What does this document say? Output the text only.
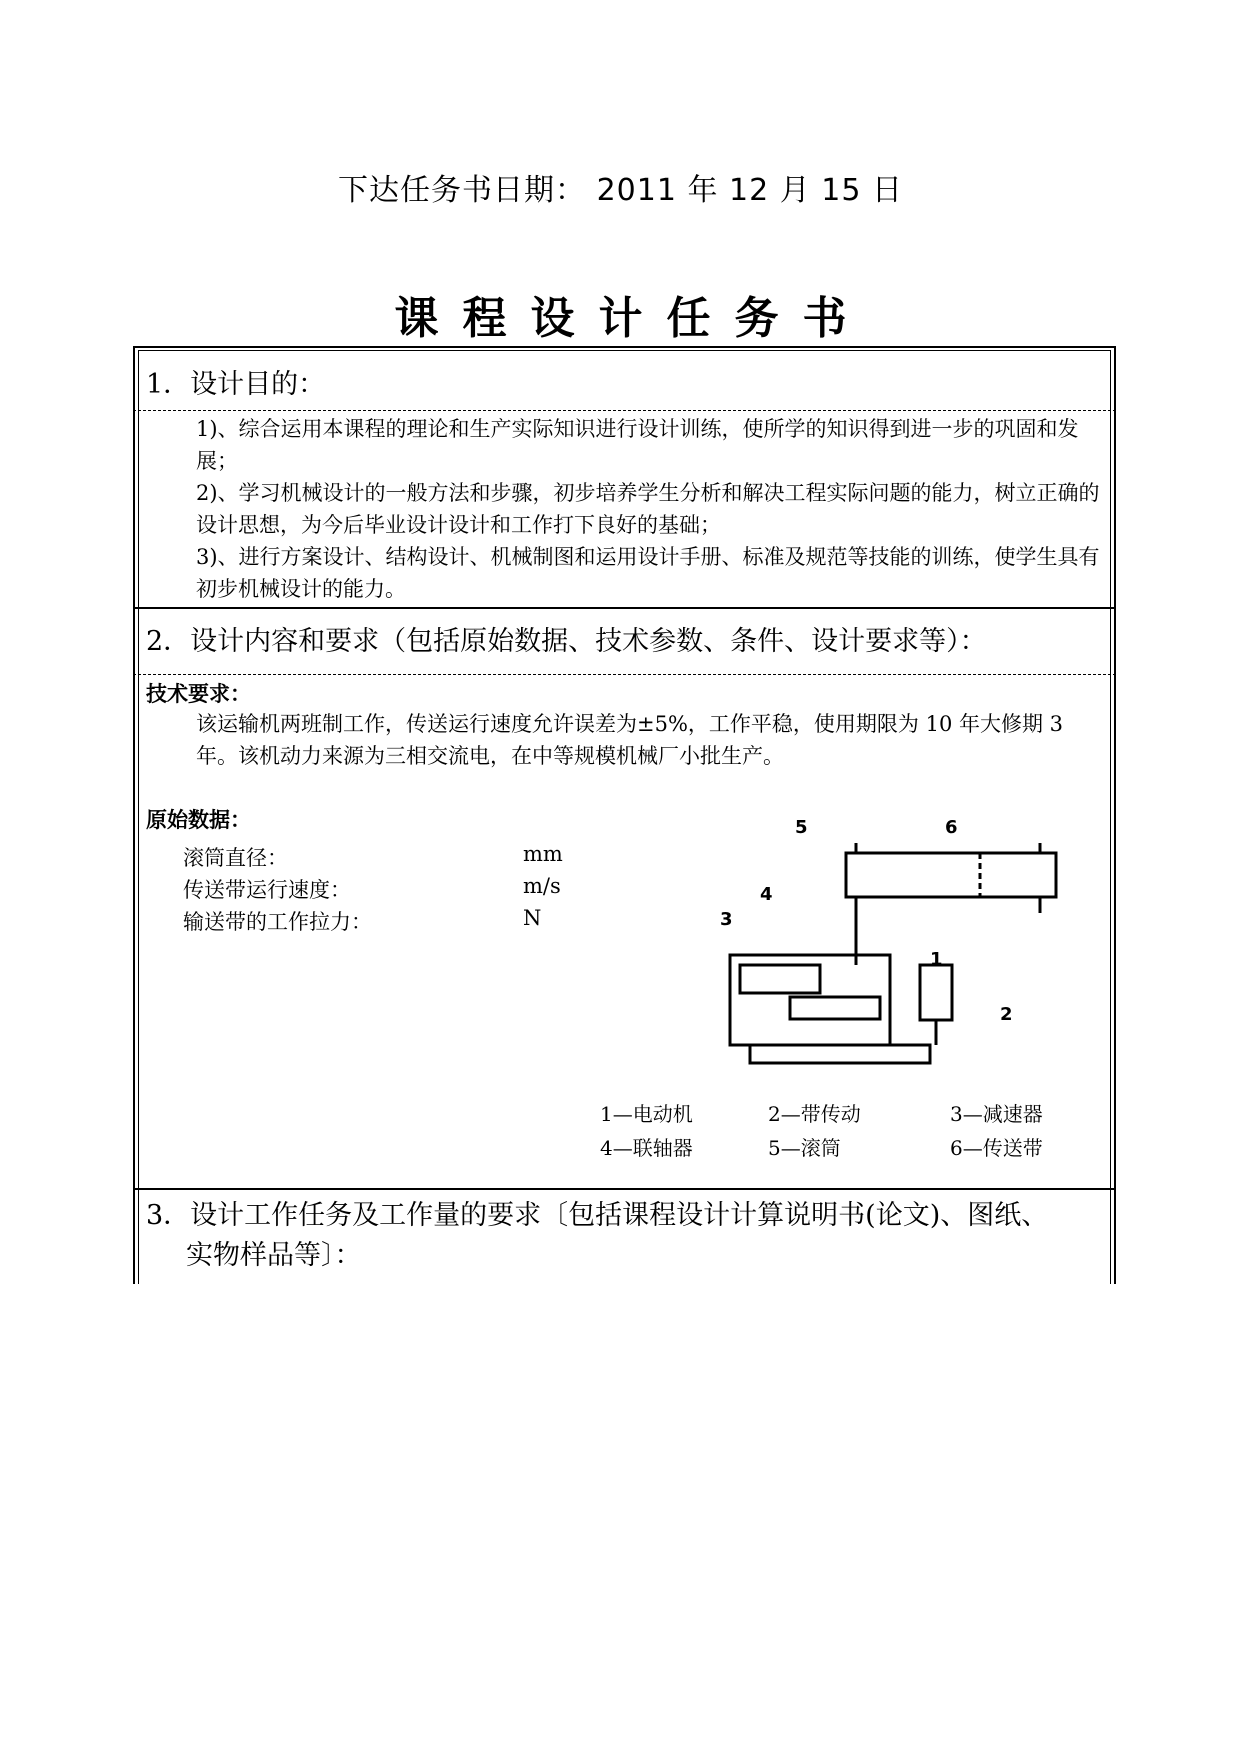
下达任务书日期： 2011 年 12 月 15 日
课程设计任务书
1．设计目的：
1)、综合运用本课程的理论和生产实际知识进行设计训练，使所学的知识得到进一步的巩固和发展；
2)、学习机械设计的一般方法和步骤，初步培养学生分析和解决工程实际问题的能力，树立正确的设计思想，为今后毕业设计设计和工作打下良好的基础；
3)、进行方案设计、结构设计、机械制图和运用设计手册、标准及规范等技能的训练，使学生具有初步机械设计的能力。
2．设计内容和要求（包括原始数据、技术参数、条件、设计要求等）：
技术要求：
该运输机两班制工作，传送运行速度允许误差为±5%，工作平稳，使用期限为 10 年大修期 3 年。该机动力来源为三相交流电，在中等规模机械厂小批生产。
原始数据：
滚筒直径：	mm
传送带运行速度：	m/s
输送带的工作拉力：	N
1
2
3
4
5	6
1—电动机	2—带传动	3—减速器
4—联轴器	5—滚筒	6—传送带
3．设计工作任务及工作量的要求〔包括课程设计计算说明书(论文)、图纸、
实物样品等〕：
